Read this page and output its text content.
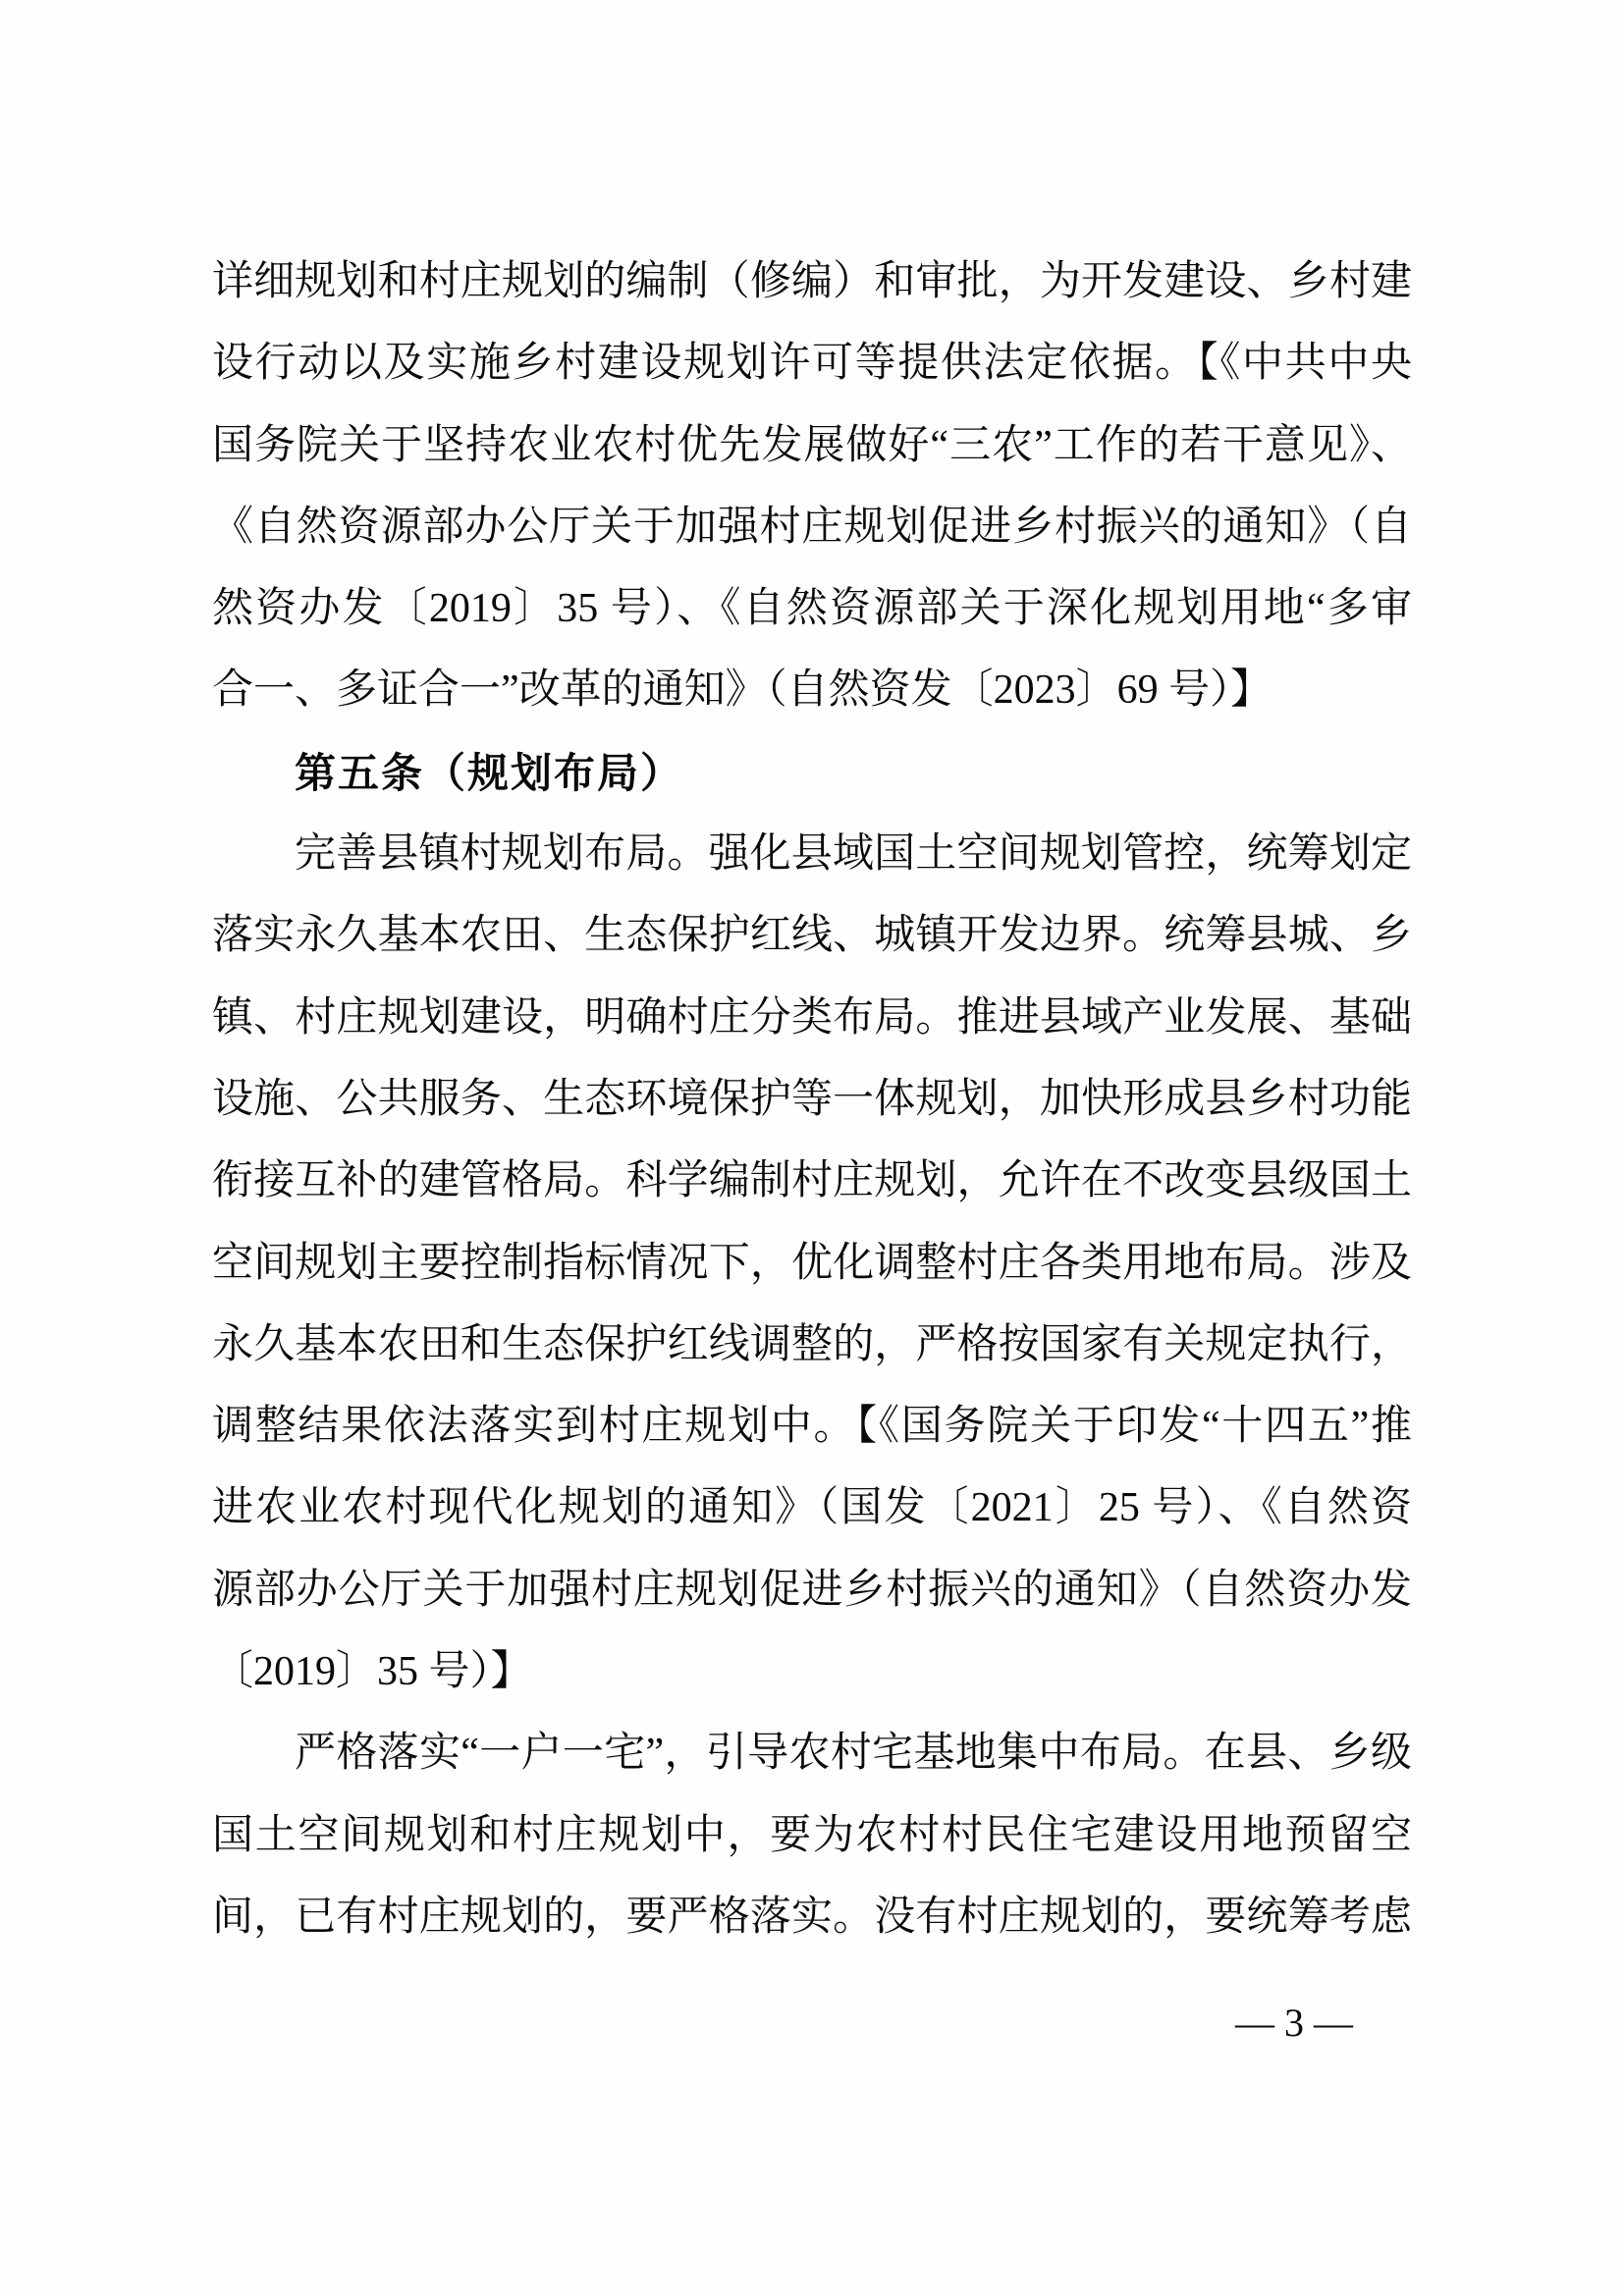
详细规划和村庄规划的编制（修编）和审批，为开发建设、乡村建
设行动以及实施乡村建设规划许可等提供法定依据。【《中共中央
国务院关于坚持农业农村优先发展做好“三农”工作的若干意见》、
《自然资源部办公厅关于加强村庄规划促进乡村振兴的通知》（自
然资办发〔2019〕35 号）、《自然资源部关于深化规划用地“多审
合一、多证合一”改革的通知》（自然资发〔2023〕69 号）】
第五条（规划布局）
完善县镇村规划布局。强化县域国土空间规划管控，统筹划定
落实永久基本农田、生态保护红线、城镇开发边界。统筹县城、乡
镇、村庄规划建设，明确村庄分类布局。推进县域产业发展、基础
设施、公共服务、生态环境保护等一体规划，加快形成县乡村功能
衔接互补的建管格局。科学编制村庄规划，允许在不改变县级国土
空间规划主要控制指标情况下，优化调整村庄各类用地布局。涉及
永久基本农田和生态保护红线调整的，严格按国家有关规定执行，
调整结果依法落实到村庄规划中。【《国务院关于印发“十四五”推
进农业农村现代化规划的通知》（国发〔2021〕25 号）、《自然资
源部办公厅关于加强村庄规划促进乡村振兴的通知》（自然资办发
〔2019〕35 号）】
严格落实“一户一宅”，引导农村宅基地集中布局。在县、乡级
国土空间规划和村庄规划中，要为农村村民住宅建设用地预留空
间，已有村庄规划的，要严格落实。没有村庄规划的，要统筹考虑
— 3 —
